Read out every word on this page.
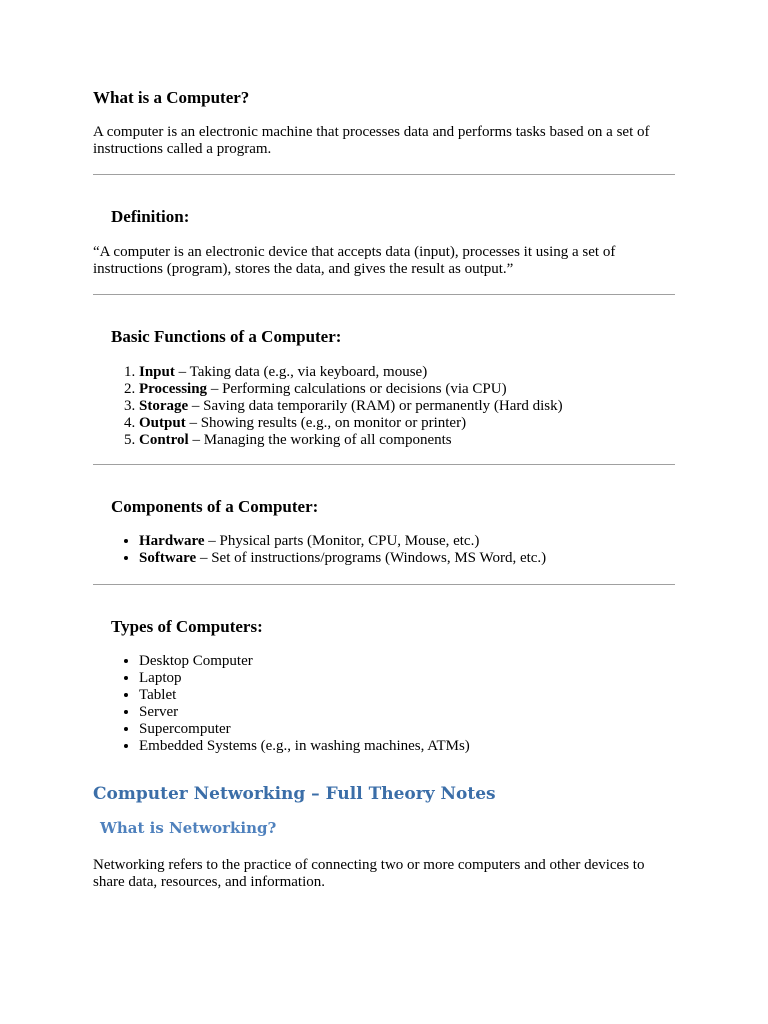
What is a Computer?

A computer is an electronic machine that processes data and performs tasks based on a set of instructions called a program.

Definition:

“A computer is an electronic device that accepts data (input), processes it using a set of instructions (program), stores the data, and gives the result as output.”

Basic Functions of a Computer:
1. Input – Taking data (e.g., via keyboard, mouse)
2. Processing – Performing calculations or decisions (via CPU)
3. Storage – Saving data temporarily (RAM) or permanently (Hard disk)
4. Output – Showing results (e.g., on monitor or printer)
5. Control – Managing the working of all components
Components of a Computer:
• Hardware – Physical parts (Monitor, CPU, Mouse, etc.)
• Software – Set of instructions/programs (Windows, MS Word, etc.)
Types of Computers:
• Desktop Computer
• Laptop
• Tablet
• Server
• Supercomputer
• Embedded Systems (e.g., in washing machines, ATMs)
Computer Networking – Full Theory Notes
What is Networking?

Networking refers to the practice of connecting two or more computers and other devices to share data, resources, and information.
